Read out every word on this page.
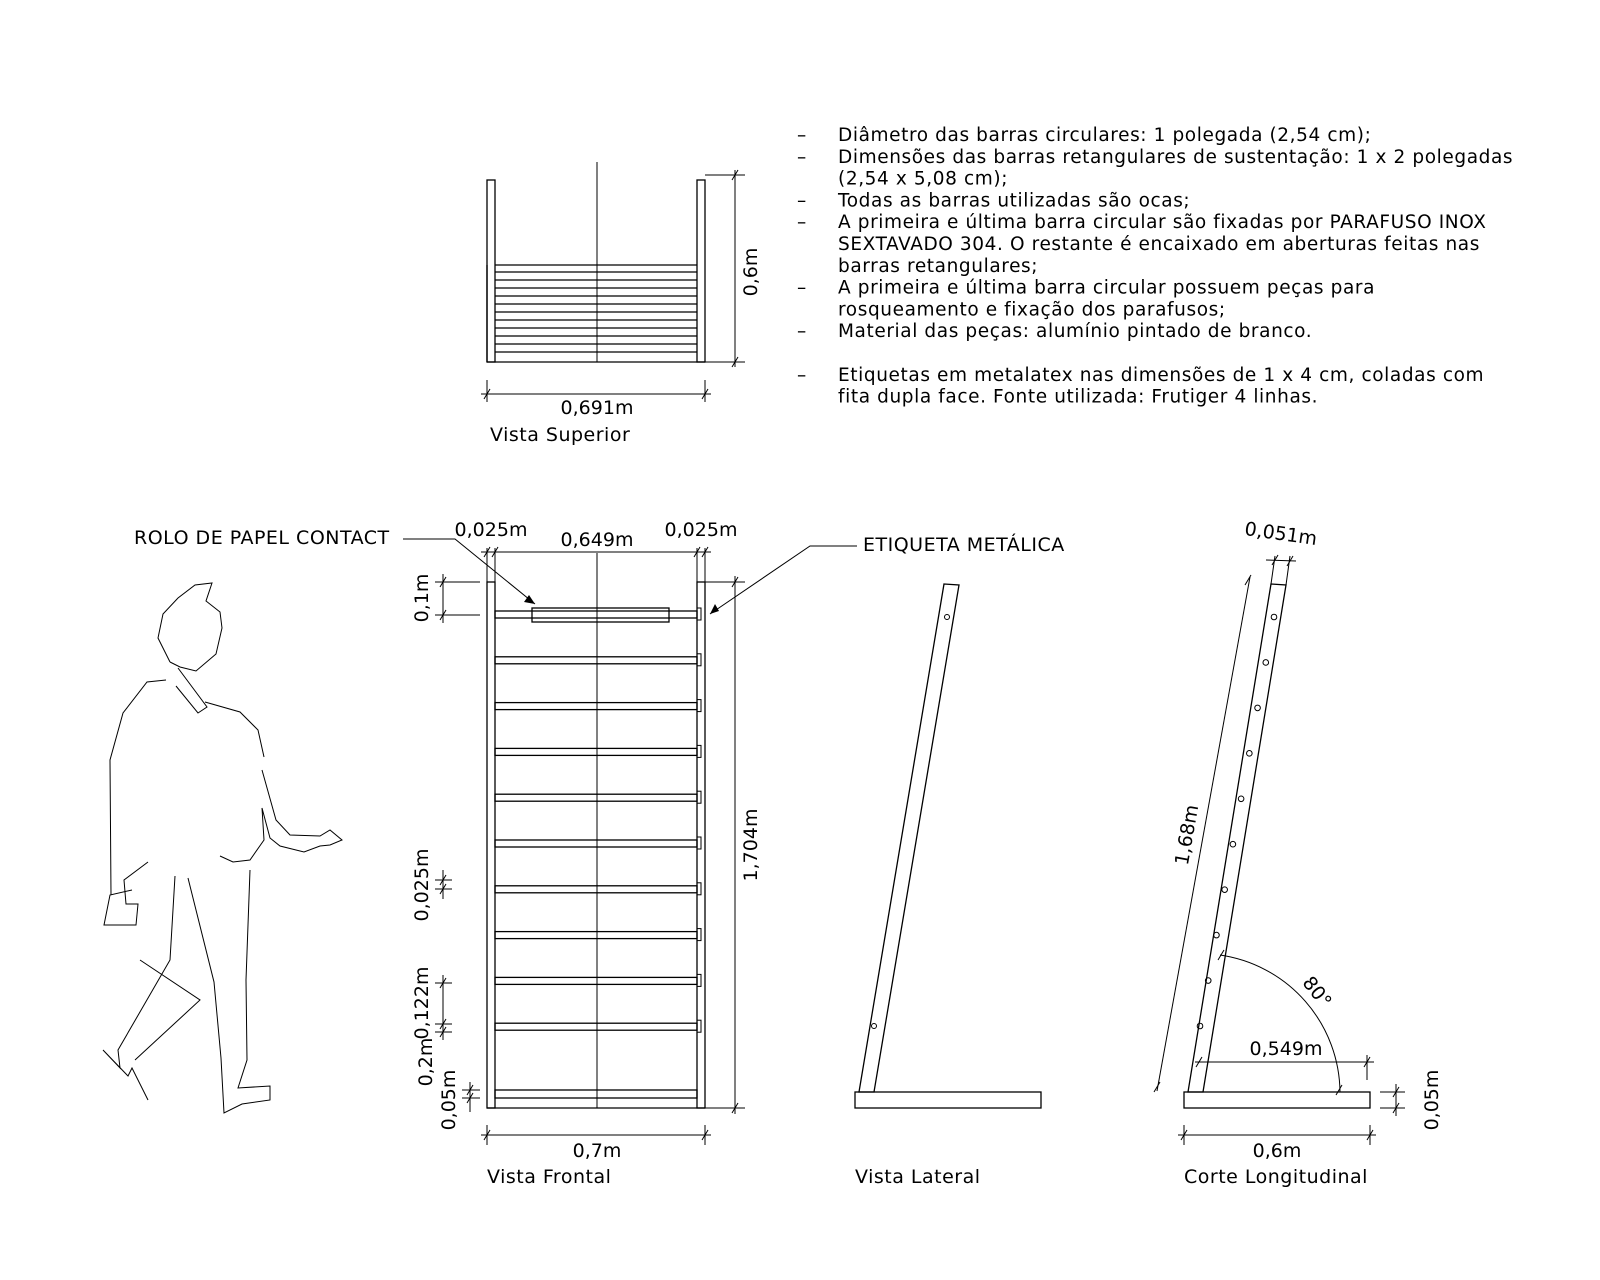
– Diâmetro das barras circulares: 1 polegada (2,54 cm);
– Dimensões das barras retangulares de sustentação: 1 x 2 polegadas
(2,54 x 5,08 cm);
– Todas as barras utilizadas são ocas;
– A primeira e última barra circular são fixadas por PARAFUSO INOX
SEXTAVADO 304. O restante é encaixado em aberturas feitas nas
barras retangulares;
– A primeira e última barra circular possuem peças para
rosqueamento e fixação dos parafusos;
– Material das peças: alumínio pintado de branco.
– Etiquetas em metalatex nas dimensões de 1 x 4 cm, coladas com
fita dupla face. Fonte utilizada: Frutiger 4 linhas.
0,6m
0,691m
Vista Superior
0,025m 0,649m 0,025m
1,704m
0,1m
0,025m
0,122m
0,2m
0,05m
0,7m
Vista Frontal
ROLO DE PAPEL CONTACT	ETIQUETA METÁLICA
Vista Lateral
0,051m
1,68m
80°
0,549m
0,05m
0,6m
Corte Longitudinal
